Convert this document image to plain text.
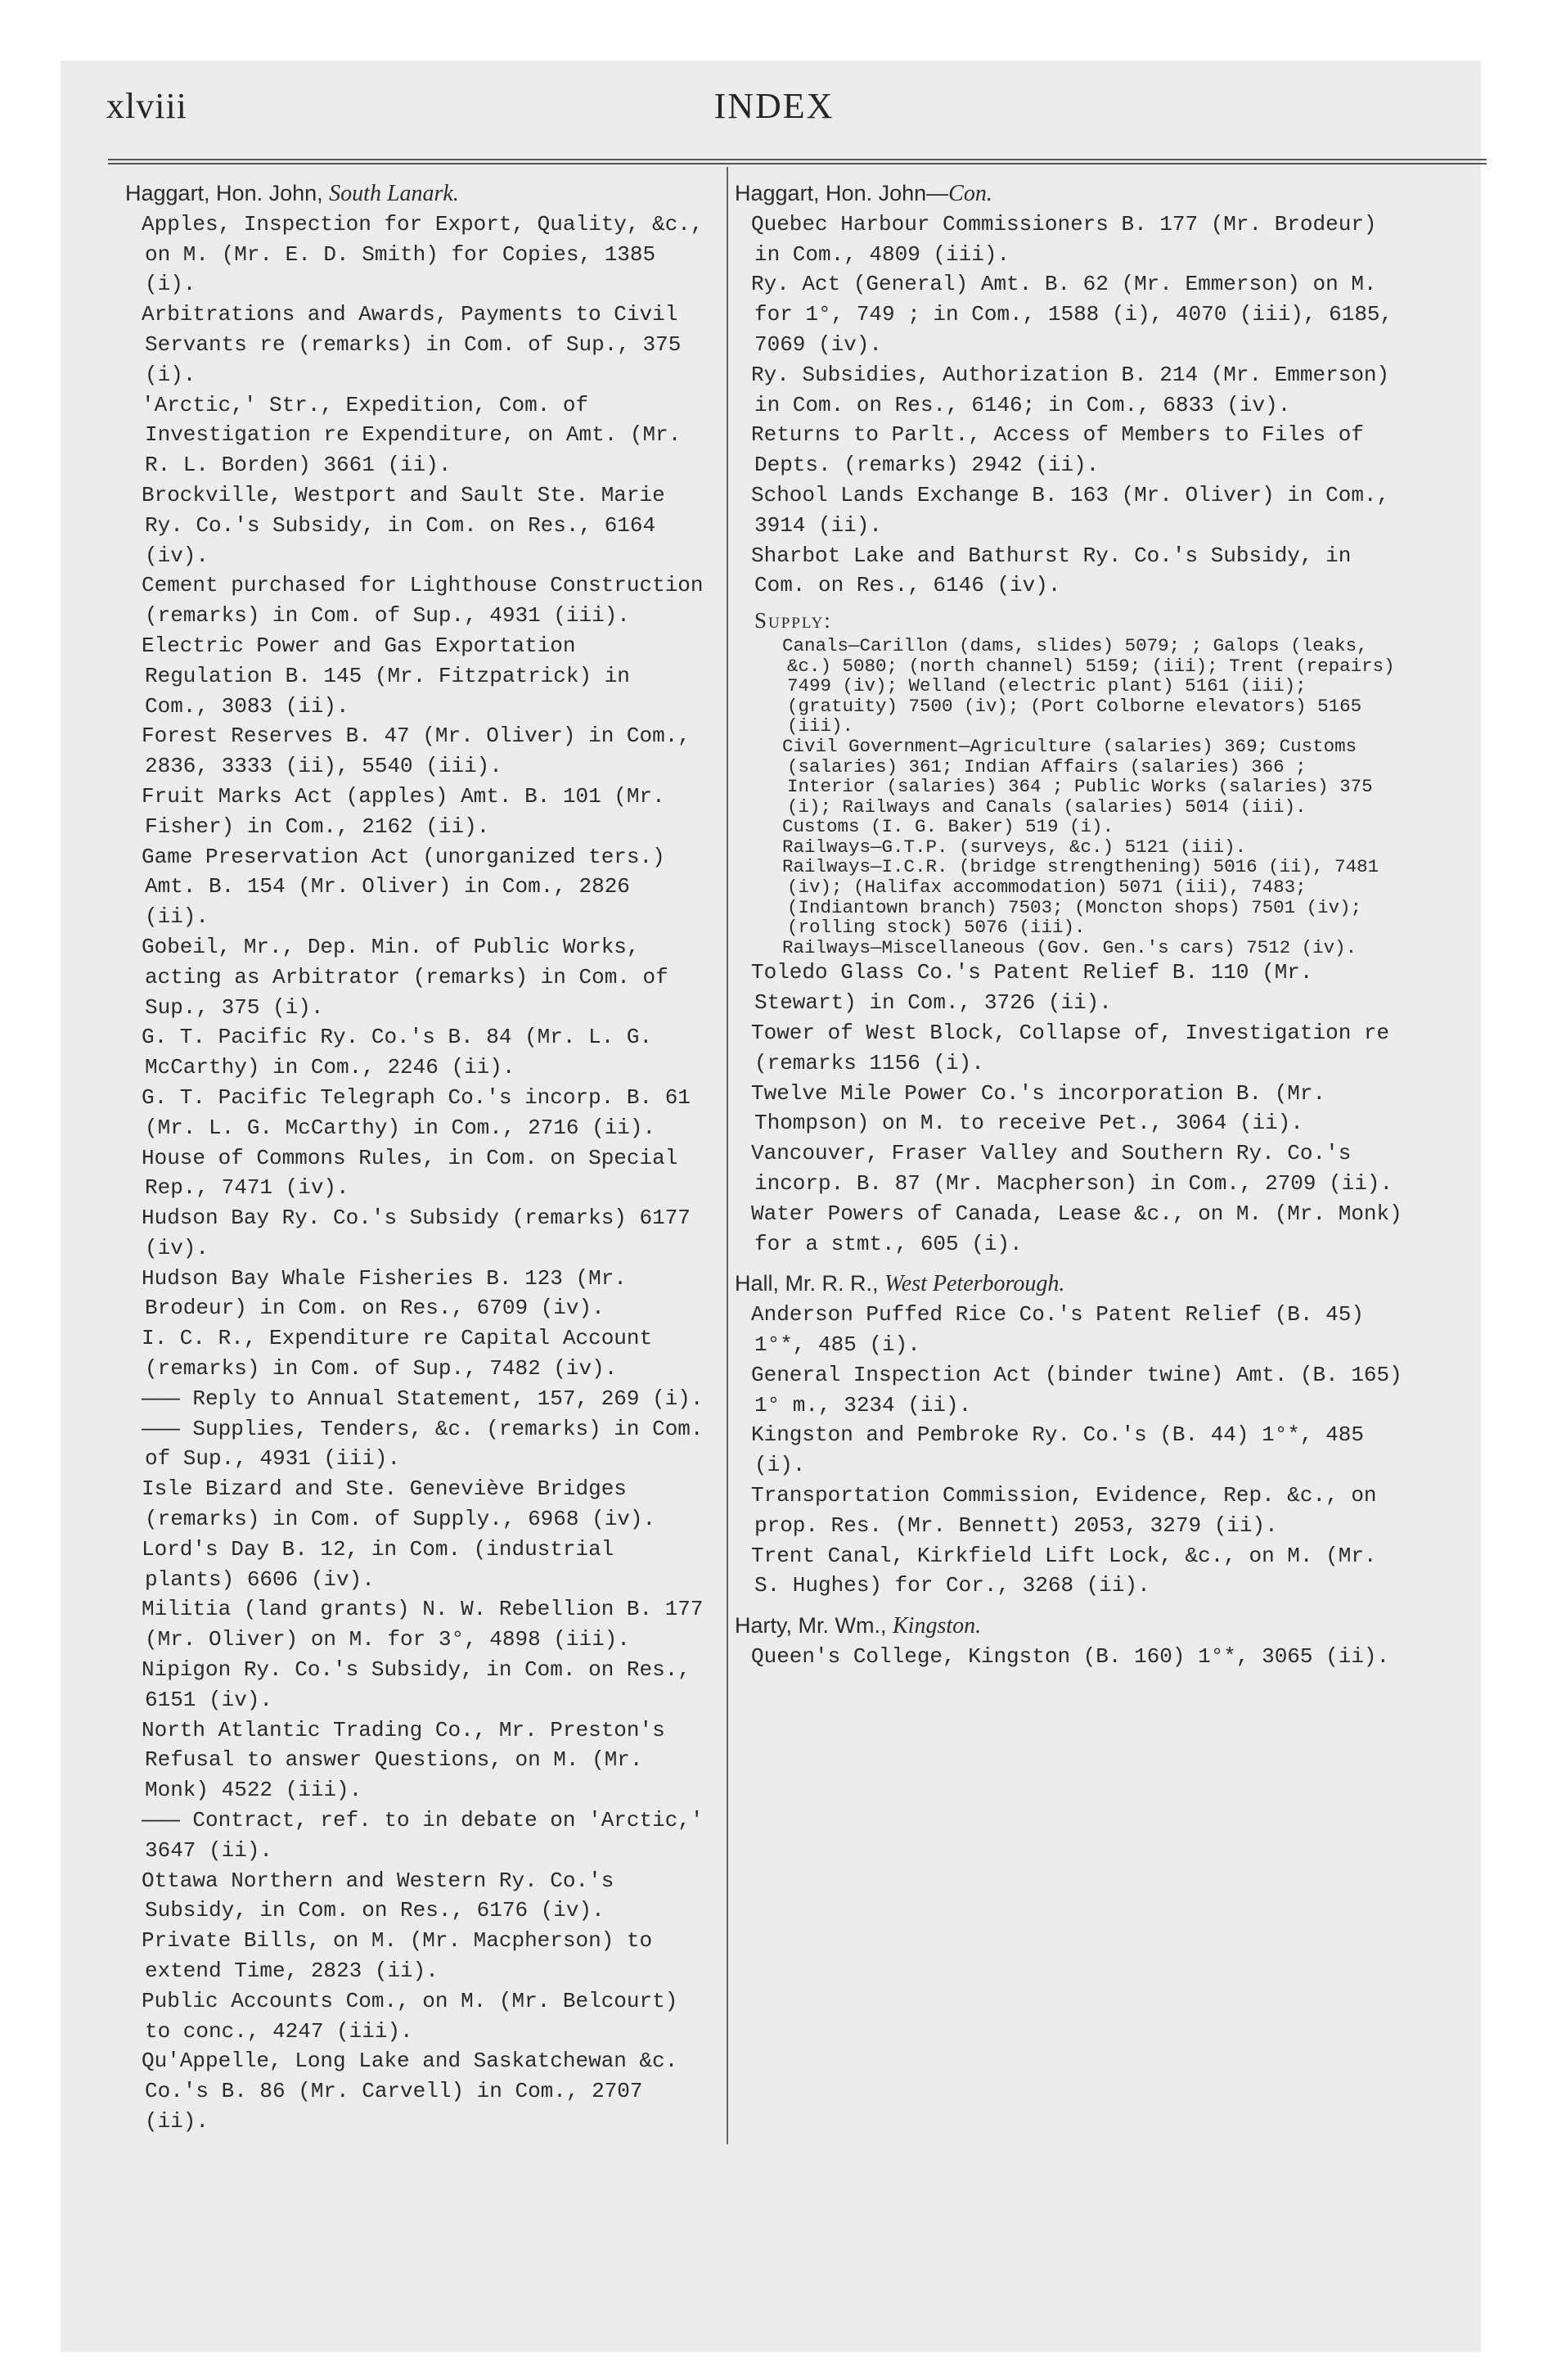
xlviii	INDEX
Haggart, Hon. John, South Lanark.
Apples, Inspection for Export, Quality, &c., on M. (Mr. E. D. Smith) for Copies, 1385 (i).
Arbitrations and Awards, Payments to Civil Servants re (remarks) in Com. of Sup., 375 (i).
'Arctic,' Str., Expedition, Com. of Investigation re Expenditure, on Amt. (Mr. R. L. Borden) 3661 (ii).
Brockville, Westport and Sault Ste. Marie Ry. Co.'s Subsidy, in Com. on Res., 6164 (iv).
Cement purchased for Lighthouse Construction (remarks) in Com. of Sup., 4931 (iii).
Electric Power and Gas Exportation Regulation B. 145 (Mr. Fitzpatrick) in Com., 3083 (ii).
Forest Reserves B. 47 (Mr. Oliver) in Com., 2836, 3333 (ii), 5540 (iii).
Fruit Marks Act (apples) Amt. B. 101 (Mr. Fisher) in Com., 2162 (ii).
Game Preservation Act (unorganized ters.) Amt. B. 154 (Mr. Oliver) in Com., 2826 (ii).
Gobeil, Mr., Dep. Min. of Public Works, acting as Arbitrator (remarks) in Com. of Sup., 375 (i).
G. T. Pacific Ry. Co.'s B. 84 (Mr. L. G. McCarthy) in Com., 2246 (ii).
G. T. Pacific Telegraph Co.'s incorp. B. 61 (Mr. L. G. McCarthy) in Com., 2716 (ii).
House of Commons Rules, in Com. on Special Rep., 7471 (iv).
Hudson Bay Ry. Co.'s Subsidy (remarks) 6177 (iv).
Hudson Bay Whale Fisheries B. 123 (Mr. Brodeur) in Com. on Res., 6709 (iv).
I. C. R., Expenditure re Capital Account (remarks) in Com. of Sup., 7482 (iv).
——— Reply to Annual Statement, 157, 269 (i).
——— Supplies, Tenders, &c. (remarks) in Com. of Sup., 4931 (iii).
Isle Bizard and Ste. Geneviève Bridges (remarks) in Com. of Supply., 6968 (iv).
Lord's Day B. 12, in Com. (industrial plants) 6606 (iv).
Militia (land grants) N. W. Rebellion B. 177 (Mr. Oliver) on M. for 3°, 4898 (iii).
Nipigon Ry. Co.'s Subsidy, in Com. on Res., 6151 (iv).
North Atlantic Trading Co., Mr. Preston's Refusal to answer Questions, on M. (Mr. Monk) 4522 (iii).
——— Contract, ref. to in debate on 'Arctic,' 3647 (ii).
Ottawa Northern and Western Ry. Co.'s Subsidy, in Com. on Res., 6176 (iv).
Private Bills, on M. (Mr. Macpherson) to extend Time, 2823 (ii).
Public Accounts Com., on M. (Mr. Belcourt) to conc., 4247 (iii).
Qu'Appelle, Long Lake and Saskatchewan &c. Co.'s B. 86 (Mr. Carvell) in Com., 2707 (ii).
Haggart, Hon. John—Con.
Quebec Harbour Commissioners B. 177 (Mr. Brodeur) in Com., 4809 (iii).
Ry. Act (General) Amt. B. 62 (Mr. Emmerson) on M. for 1°, 749 ; in Com., 1588 (i), 4070 (iii), 6185, 7069 (iv).
Ry. Subsidies, Authorization B. 214 (Mr. Emmerson) in Com. on Res., 6146; in Com., 6833 (iv).
Returns to Parlt., Access of Members to Files of Depts. (remarks) 2942 (ii).
School Lands Exchange B. 163 (Mr. Oliver) in Com., 3914 (ii).
Sharbot Lake and Bathurst Ry. Co.'s Subsidy, in Com. on Res., 6146 (iv).
Supply:
Canals—Carillon (dams, slides) 5079; ; Galops (leaks, &c.) 5080; (north channel) 5159; (iii); Trent (repairs) 7499 (iv); Welland (electric plant) 5161 (iii); (gratuity) 7500 (iv); (Port Colborne elevators) 5165 (iii).
Civil Government—Agriculture (salaries) 369; Customs (salaries) 361; Indian Affairs (salaries) 366 ; Interior (salaries) 364 ; Public Works (salaries) 375 (i); Railways and Canals (salaries) 5014 (iii).
Customs (I. G. Baker) 519 (i).
Railways—G.T.P. (surveys, &c.) 5121 (iii).
Railways—I.C.R. (bridge strengthening) 5016 (ii), 7481 (iv); (Halifax accommodation) 5071 (iii), 7483; (Indiantown branch) 7503; (Moncton shops) 7501 (iv); (rolling stock) 5076 (iii).
Railways—Miscellaneous (Gov. Gen.'s cars) 7512 (iv).
Toledo Glass Co.'s Patent Relief B. 110 (Mr. Stewart) in Com., 3726 (ii).
Tower of West Block, Collapse of, Investigation re (remarks 1156 (i).
Twelve Mile Power Co.'s incorporation B. (Mr. Thompson) on M. to receive Pet., 3064 (ii).
Vancouver, Fraser Valley and Southern Ry. Co.'s incorp. B. 87 (Mr. Macpherson) in Com., 2709 (ii).
Water Powers of Canada, Lease &c., on M. (Mr. Monk) for a stmt., 605 (i).
Hall, Mr. R. R., West Peterborough.
Anderson Puffed Rice Co.'s Patent Relief (B. 45) 1°*, 485 (i).
General Inspection Act (binder twine) Amt. (B. 165) 1° m., 3234 (ii).
Kingston and Pembroke Ry. Co.'s (B. 44) 1°*, 485 (i).
Transportation Commission, Evidence, Rep. &c., on prop. Res. (Mr. Bennett) 2053, 3279 (ii).
Trent Canal, Kirkfield Lift Lock, &c., on M. (Mr. S. Hughes) for Cor., 3268 (ii).
Harty, Mr. Wm., Kingston.
Queen's College, Kingston (B. 160) 1°*, 3065 (ii).
